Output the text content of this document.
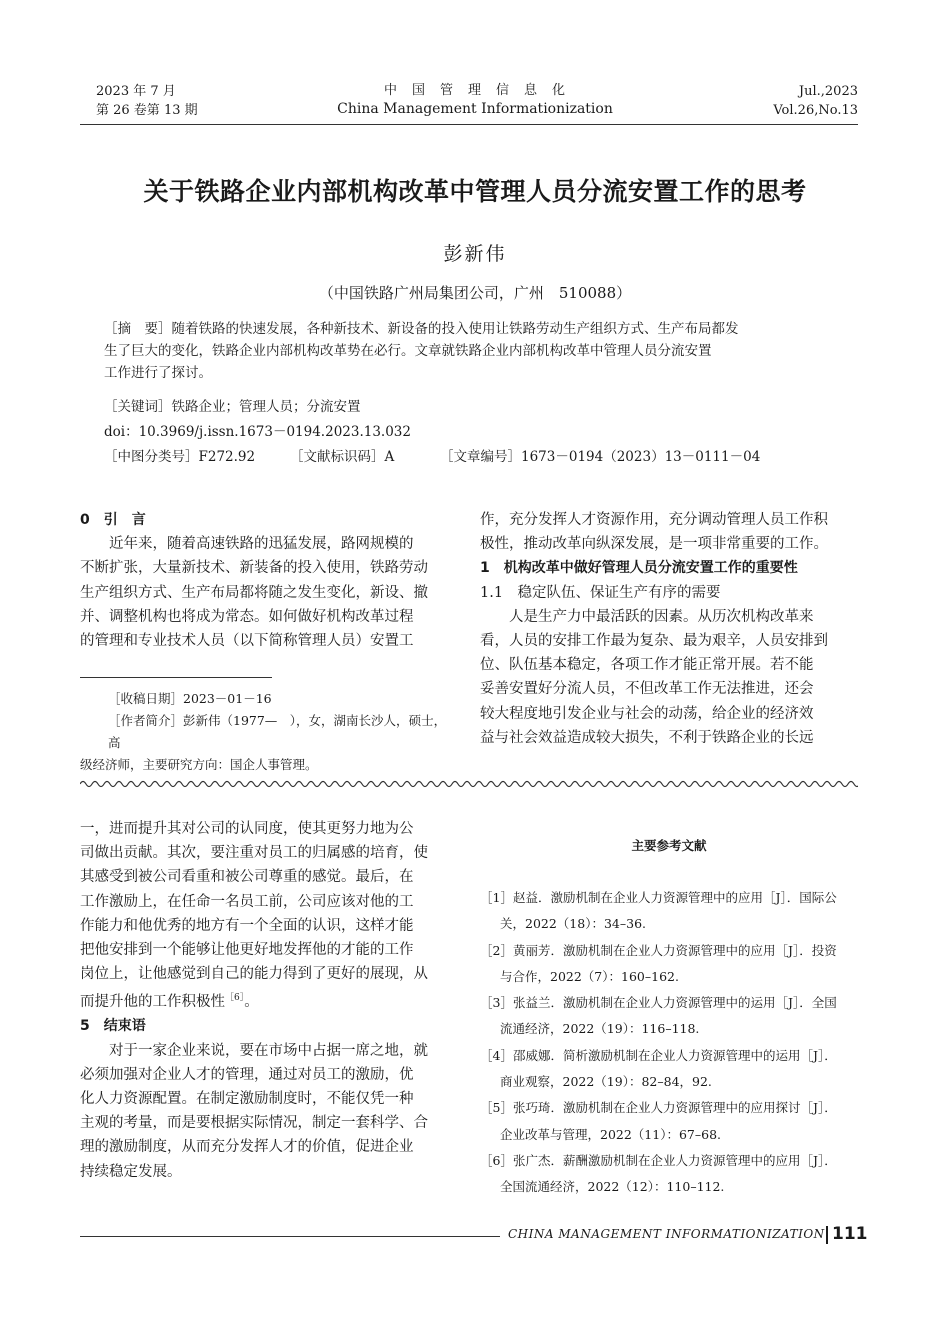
2023 年 7 月
第 26 卷第 13 期
中　国　管　理　信　息　化
China Management Informationization
Jul.,2023
Vol.26,No.13
关于铁路企业内部机构改革中管理人员分流安置工作的思考
彭新伟
（中国铁路广州局集团公司，广州　510088）
［摘　要］随着铁路的快速发展，各种新技术、新设备的投入使用让铁路劳动生产组织方式、生产布局都发
生了巨大的变化，铁路企业内部机构改革势在必行。文章就铁路企业内部机构改革中管理人员分流安置
工作进行了探讨。
［关键词］铁路企业；管理人员；分流安置
doi：10.3969/j.issn.1673－0194.2023.13.032
［中图分类号］F272.92	［文献标识码］A	［文章编号］1673－0194（2023）13－0111－04

0　引　言

近年来，随着高速铁路的迅猛发展，路网规模的

不断扩张，大量新技术、新装备的投入使用，铁路劳动

生产组织方式、生产布局都将随之发生变化，新设、撤

并、调整机构也将成为常态。如何做好机构改革过程

的管理和专业技术人员（以下简称管理人员）安置工

［收稿日期］2023－01－16
［作者简介］彭新伟（1977—　），女，湖南长沙人，硕士，高
级经济师，主要研究方向：国企人事管理。

作，充分发挥人才资源作用，充分调动管理人员工作积

极性，推动改革向纵深发展，是一项非常重要的工作。

1　机构改革中做好管理人员分流安置工作的重要性

1.1　稳定队伍、保证生产有序的需要

人是生产力中最活跃的因素。从历次机构改革来

看，人员的安排工作最为复杂、最为艰辛，人员安排到

位、队伍基本稳定，各项工作才能正常开展。若不能

妥善安置好分流人员，不但改革工作无法推进，还会

较大程度地引发企业与社会的动荡，给企业的经济效

益与社会效益造成较大损失，不利于铁路企业的长远

一，进而提升其对公司的认同度，使其更努力地为公

司做出贡献。其次，要注重对员工的归属感的培育，使

其感受到被公司看重和被公司尊重的感觉。最后，在

工作激励上，在任命一名员工前，公司应该对他的工

作能力和他优秀的地方有一个全面的认识，这样才能

把他安排到一个能够让他更好地发挥他的才能的工作

岗位上，让他感觉到自己的能力得到了更好的展现，从

而提升他的工作积极性$^{[6]}$。

5　结束语

对于一家企业来说，要在市场中占据一席之地，就

必须加强对企业人才的管理，通过对员工的激励，优

化人力资源配置。在制定激励制度时，不能仅凭一种

主观的考量，而是要根据实际情况，制定一套科学、合

理的激励制度，从而充分发挥人才的价值，促进企业

持续稳定发展。

主要参考文献
［1］赵益．激励机制在企业人力资源管理中的应用［J］．国际公
关，2022（18）：34–36.
［2］黄丽芳．激励机制在企业人力资源管理中的应用［J］．投资
与合作，2022（7）：160–162.
［3］张益兰．激励机制在企业人力资源管理中的运用［J］．全国
流通经济，2022（19）：116–118.
［4］邵威娜．简析激励机制在企业人力资源管理中的运用［J］．
商业观察，2022（19）：82–84，92.
［5］张巧琦．激励机制在企业人力资源管理中的应用探讨［J］．
企业改革与管理，2022（11）：67–68.
［6］张广杰．薪酬激励机制在企业人力资源管理中的应用［J］．
全国流通经济，2022（12）：110–112.
CHINA MANAGEMENT INFORMATIONIZATION 111
